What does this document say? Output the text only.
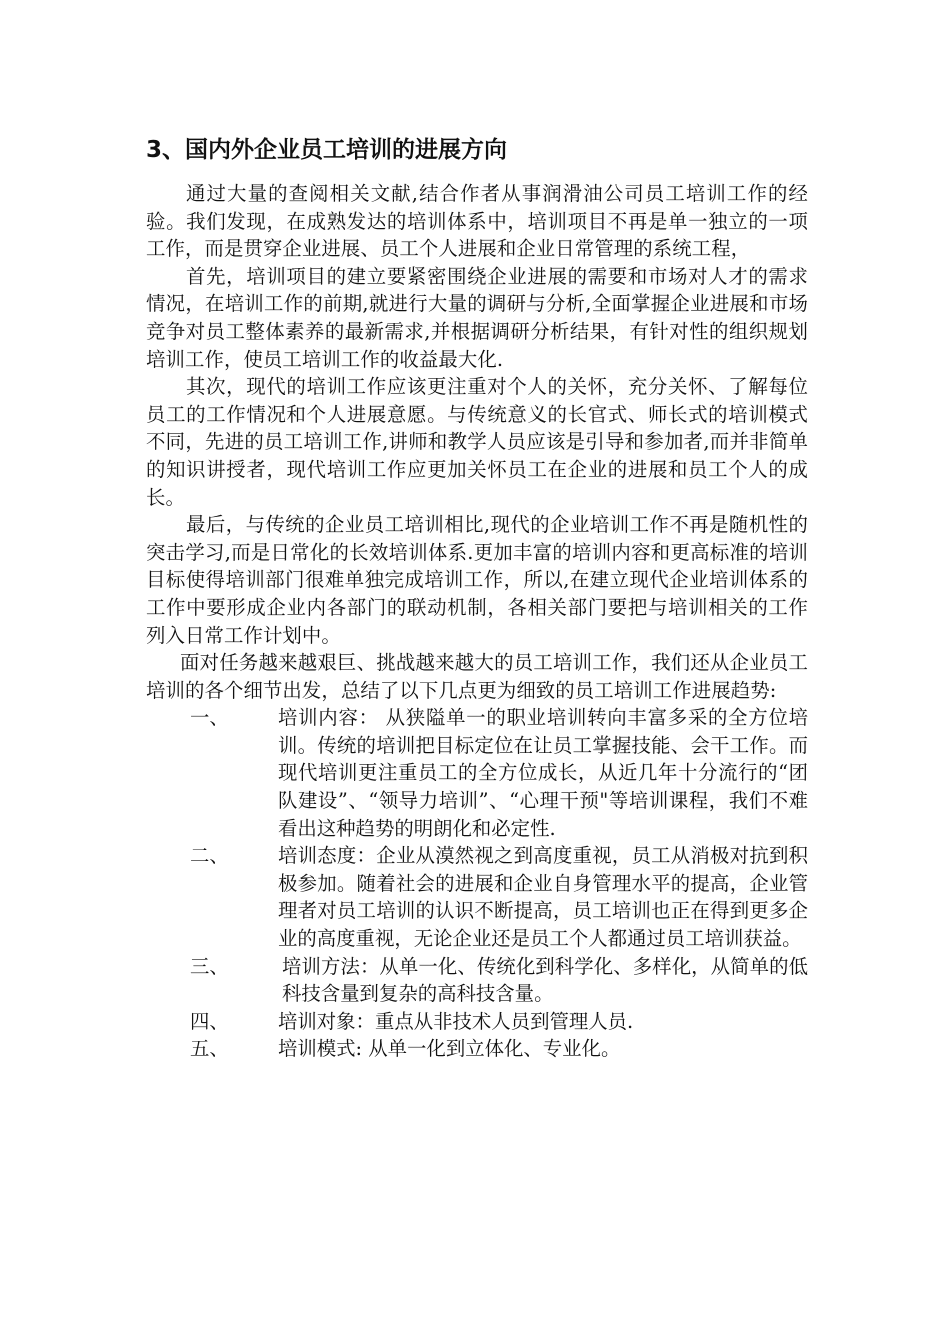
3、国内外企业员工培训的进展方向

通过大量的查阅相关文献,结合作者从事润滑油公司员工培训工作的经验。我们发现，在成熟发达的培训体系中，培训项目不再是单一独立的一项工作，而是贯穿企业进展、员工个人进展和企业日常管理的系统工程，

首先，培训项目的建立要紧密围绕企业进展的需要和市场对人才的需求情况，在培训工作的前期,就进行大量的调研与分析,全面掌握企业进展和市场竞争对员工整体素养的最新需求,并根据调研分析结果，有针对性的组织规划培训工作，使员工培训工作的收益最大化.

其次，现代的培训工作应该更注重对个人的关怀，充分关怀、了解每位员工的工作情况和个人进展意愿。与传统意义的长官式、师长式的培训模式不同，先进的员工培训工作,讲师和教学人员应该是引导和参加者,而并非简单的知识讲授者，现代培训工作应更加关怀员工在企业的进展和员工个人的成长。

最后，与传统的企业员工培训相比,现代的企业培训工作不再是随机性的突击学习,而是日常化的长效培训体系.更加丰富的培训内容和更高标准的培训目标使得培训部门很难单独完成培训工作，所以,在建立现代企业培训体系的工作中要形成企业内各部门的联动机制，各相关部门要把与培训相关的工作列入日常工作计划中。

面对任务越来越艰巨、挑战越来越大的员工培训工作，我们还从企业员工培训的各个细节出发，总结了以下几点更为细致的员工培训工作进展趋势:

一、	培训内容： 从狭隘单一的职业培训转向丰富多采的全方位培训。传统的培训把目标定位在让员工掌握技能、会干工作。而现代培训更注重员工的全方位成长，从近几年十分流行的“团队建设”、“领导力培训”、“心理干预"等培训课程，我们不难看出这种趋势的明朗化和必定性.
二、	培训态度：企业从漠然视之到高度重视，员工从消极对抗到积极参加。随着社会的进展和企业自身管理水平的提高，企业管理者对员工培训的认识不断提高，员工培训也正在得到更多企业的高度重视，无论企业还是员工个人都通过员工培训获益。
三、	培训方法：从单一化、传统化到科学化、多样化，从简单的低科技含量到复杂的高科技含量。
四、	培训对象：重点从非技术人员到管理人员.
五、	培训模式: 从单一化到立体化、专业化。
